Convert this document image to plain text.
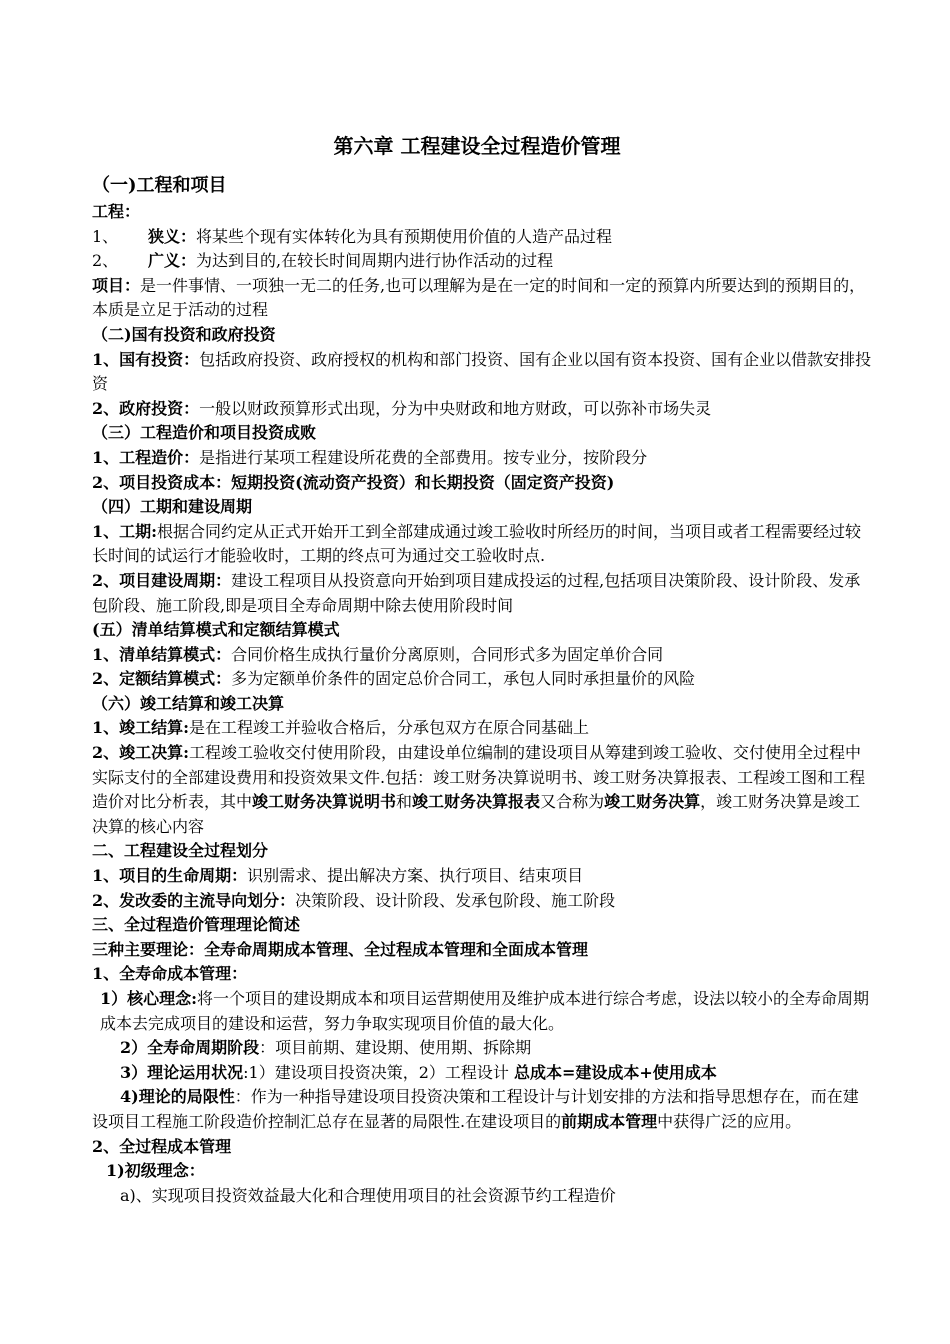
第六章 工程建设全过程造价管理
（一)工程和项目

工程：

1、 狭义：将某些个现有实体转化为具有预期使用价值的人造产品过程

2、 广义：为达到目的,在较长时间周期内进行协作活动的过程

项目：是一件事情、一项独一无二的任务,也可以理解为是在一定的时间和一定的预算内所要达到的预期目的，本质是立足于活动的过程

（二)国有投资和政府投资

1、国有投资：包括政府投资、政府授权的机构和部门投资、国有企业以国有资本投资、国有企业以借款安排投资

2、政府投资：一般以财政预算形式出现，分为中央财政和地方财政，可以弥补市场失灵

（三）工程造价和项目投资成败

1、工程造价：是指进行某项工程建设所花费的全部费用。按专业分，按阶段分

2、项目投资成本：短期投资(流动资产投资）和长期投资（固定资产投资)

（四）工期和建设周期

1、工期:根据合同约定从正式开始开工到全部建成通过竣工验收时所经历的时间，当项目或者工程需要经过较长时间的试运行才能验收时，工期的终点可为通过交工验收时点.

2、项目建设周期：建设工程项目从投资意向开始到项目建成投运的过程,包括项目决策阶段、设计阶段、发承包阶段、施工阶段,即是项目全寿命周期中除去使用阶段时间

(五）清单结算模式和定额结算模式

1、清单结算模式：合同价格生成执行量价分离原则，合同形式多为固定单价合同

2、定额结算模式：多为定额单价条件的固定总价合同工，承包人同时承担量价的风险

（六）竣工结算和竣工决算

1、竣工结算:是在工程竣工并验收合格后，分承包双方在原合同基础上

2、竣工决算:工程竣工验收交付使用阶段，由建设单位编制的建设项目从筹建到竣工验收、交付使用全过程中实际支付的全部建设费用和投资效果文件.包括：竣工财务决算说明书、竣工财务决算报表、工程竣工图和工程造价对比分析表，其中竣工财务决算说明书和竣工财务决算报表又合称为竣工财务决算，竣工财务决算是竣工决算的核心内容

二、工程建设全过程划分

1、项目的生命周期：识别需求、提出解决方案、执行项目、结束项目

2、发改委的主流导向划分：决策阶段、设计阶段、发承包阶段、施工阶段

三、全过程造价管理理论简述

三种主要理论：全寿命周期成本管理、全过程成本管理和全面成本管理

1、全寿命成本管理：

1）核心理念:将一个项目的建设期成本和项目运营期使用及维护成本进行综合考虑，设法以较小的全寿命周期成本去完成项目的建设和运营，努力争取实现项目价值的最大化。

2）全寿命周期阶段：项目前期、建设期、使用期、拆除期

3）理论运用状况:1）建设项目投资决策，2）工程设计 总成本=建设成本+使用成本

4)理论的局限性：作为一种指导建设项目投资决策和工程设计与计划安排的方法和指导思想存在，而在建设项目工程施工阶段造价控制汇总存在显著的局限性.在建设项目的前期成本管理中获得广泛的应用。

2、全过程成本管理

1)初级理念：

a)、实现项目投资效益最大化和合理使用项目的社会资源节约工程造价
